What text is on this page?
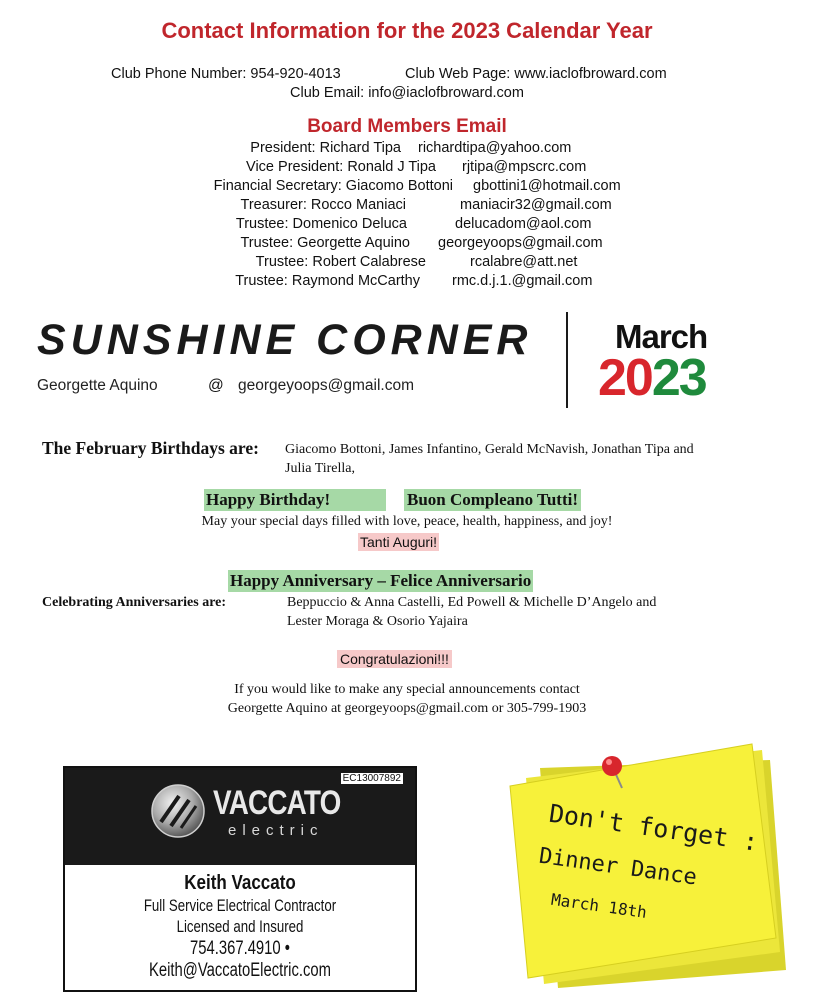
Contact Information for the 2023 Calendar Year
Club Phone Number: 954-920-4013	Club Web Page: www.iaclofbroward.com
Club Email: info@iaclofbroward.com
Board Members Email
President: Richard Tipa richardtipa@yahoo.com
Vice President: Ronald J Tipa rjtipa@mpscrc.com
Financial Secretary: Giacomo Bottoni gbottini1@hotmail.com
Treasurer: Rocco Maniaci	maniacir32@gmail.com
Trustee: Domenico Deluca	delucadom@aol.com
Trustee: Georgette Aquino georgeyoops@gmail.com
Trustee: Robert Calabrese	rcalabre@att.net
Trustee: Raymond McCarthy rmc.d.j.1.@gmail.com
SUNSHINE CORNER
Georgette Aquino	@ georgeyoops@gmail.com
March
2023
The February Birthdays are: Giacomo Bottoni, James Infantino, Gerald McNavish, Jonathan Tipa and
Julia Tirella,
Happy Birthday!	Buon Compleano Tutti!
May your special days filled with love, peace, health, happiness, and joy!
Tanti Auguri!
Happy Anniversary – Felice Anniversario
Celebrating Anniversaries are:	Beppuccio & Anna Castelli, Ed Powell & Michelle D’Angelo and
Lester Moraga & Osorio Yajaira
Congratulazioni!!!
If you would like to make any special announcements contact
Georgette Aquino at georgeyoops@gmail.com or 305-799-1903
EC13007892
VACCATO
electric
Keith Vaccato
Full Service Electrical Contractor
Licensed and Insured
754.367.4910 • Keith@VaccatoElectric.com
Don't forget :
Dinner Dance
March 18th
